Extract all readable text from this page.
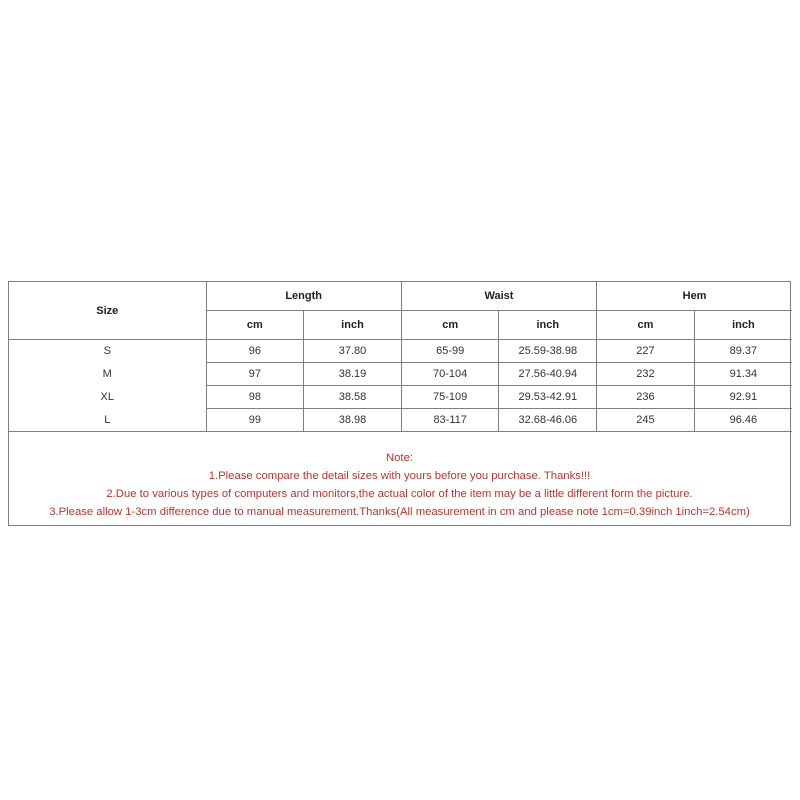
Size	Length		Waist		Hem	
	cm	inch	cm	inch	cm	inch
S	96	37.80	65-99	25.59-38.98	227	89.37
M	97	38.19	70-104	27.56-40.94	232	91.34
XL	98	38.58	75-109	29.53-42.91	236	92.91
L	99	38.98	83-117	32.68-46.06	245	96.46
Note:
1.Please compare the detail sizes with yours before you purchase. Thanks!!!
2.Due to various types of computers and monitors,the actual color of the item may be a little different form the picture.
3.Please allow 1-3cm difference due to manual measurement.Thanks(All measurement in cm and please note 1cm=0.39inch 1inch=2.54cm)
